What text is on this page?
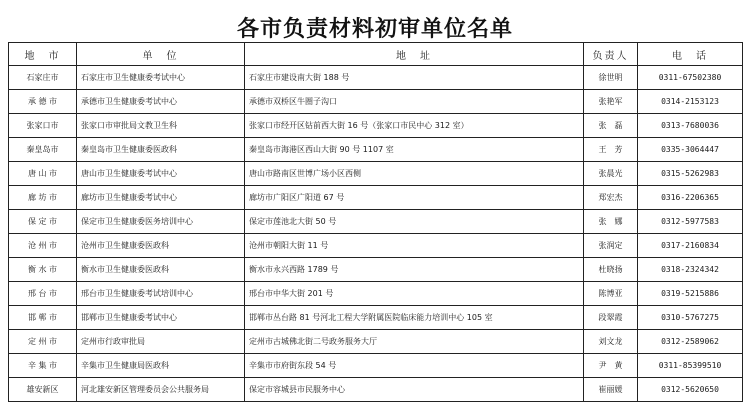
各市负责材料初审单位名单
地　市	单　位	地　址	负责人	电　话
石家庄市	石家庄市卫生健康委考试中心	石家庄市建设南大街 188 号	徐世明	0311-67502380
承 德 市	承德市卫生健康委考试中心	承德市双桥区牛圈子沟口	张艳军	0314-2153123
张家口市	张家口市审批局文教卫生科	张家口市经开区钻前西大街 16 号（张家口市民中心 312 室）	张　磊	0313-7680036
秦皇岛市	秦皇岛市卫生健康委医政科	秦皇岛市海港区西山大街 90 号 1107 室	王　芳	0335-3064447
唐 山 市	唐山市卫生健康委考试中心	唐山市路南区世博广场小区西侧	张晨光	0315-5262983
廊 坊 市	廊坊市卫生健康委考试中心	廊坊市广阳区广阳道 67 号	郑宏杰	0316-2206365
保 定 市	保定市卫生健康委医务培训中心	保定市莲池北大街 50 号	张　娜	0312-5977583
沧 州 市	沧州市卫生健康委医政科	沧州市朝阳大街 11 号	张润定	0317-2160834
衡 水 市	衡水市卫生健康委医政科	衡水市永兴西路 1789 号	杜晓扬	0318-2324342
邢 台 市	邢台市卫生健康委考试培训中心	邢台市中华大街 201 号	陈博亚	0319-5215886
邯 郸 市	邯郸市卫生健康委考试中心	邯郸市丛台路 81 号河北工程大学附属医院临床能力培训中心 105 室	段翠霞	0310-5767275
定 州 市	定州市行政审批局	定州市古城佛北街二号政务服务大厅	刘文龙	0312-2589062
辛 集 市	辛集市卫生健康局医政科	辛集市市府街东段 54 号	尹　黄	0311-85399510
雄安新区	河北雄安新区管理委员会公共服务局	保定市容城县市民服务中心	崔丽媛	0312-5620650
